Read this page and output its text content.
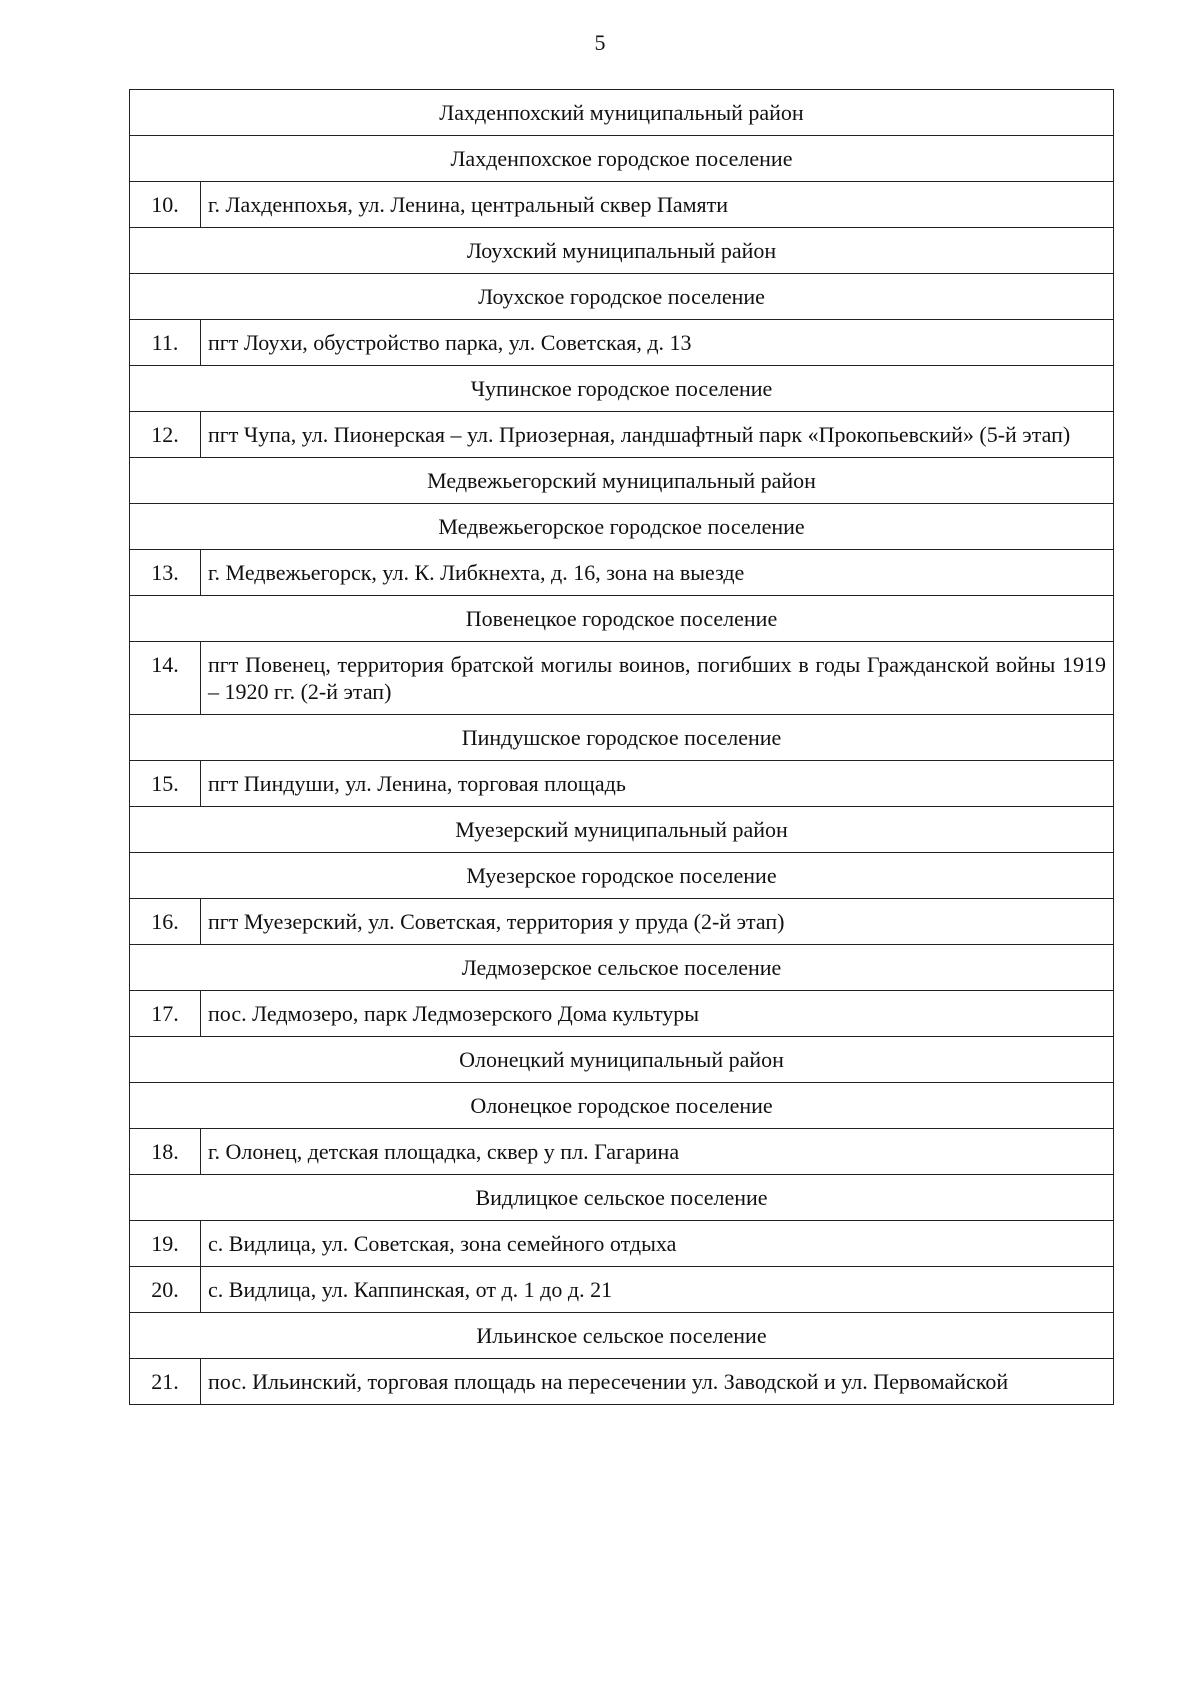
5
Лахденпохский муниципальный район	
Лахденпохское городское поселение	
10.	г. Лахденпохья, ул. Ленина, центральный сквер Памяти
Лоухский муниципальный район	
Лоухское городское поселение	
11.	пгт Лоухи, обустройство парка, ул. Советская, д. 13
Чупинское городское поселение	
12.	пгт Чупа, ул. Пионерская – ул. Приозерная, ландшафтный парк «Прокопьевский» (5-й этап)
Медвежьегорский муниципальный район	
Медвежьегорское городское поселение	
13.	г. Медвежьегорск, ул. К. Либкнехта, д. 16, зона на выезде
Повенецкое городское поселение	
14.	пгт Повенец, территория братской могилы воинов, погибших в годы Гражданской войны 1919 – 1920 гг. (2-й этап)
Пиндушское городское поселение	
15.	пгт Пиндуши, ул. Ленина, торговая площадь
Муезерский муниципальный район	
Муезерское городское поселение	
16.	пгт Муезерский, ул. Советская, территория у пруда (2-й этап)
Ледмозерское сельское поселение	
17.	пос. Ледмозеро, парк Ледмозерского Дома культуры
Олонецкий муниципальный район	
Олонецкое городское поселение	
18.	г. Олонец, детская площадка, сквер у пл. Гагарина
Видлицкое сельское поселение	
19.	с. Видлица, ул. Советская, зона семейного отдыха
20.	с. Видлица, ул. Каппинская, от д. 1 до д. 21
Ильинское сельское поселение	
21.	пос. Ильинский, торговая площадь на пересечении ул. Заводской и ул. Первомайской
